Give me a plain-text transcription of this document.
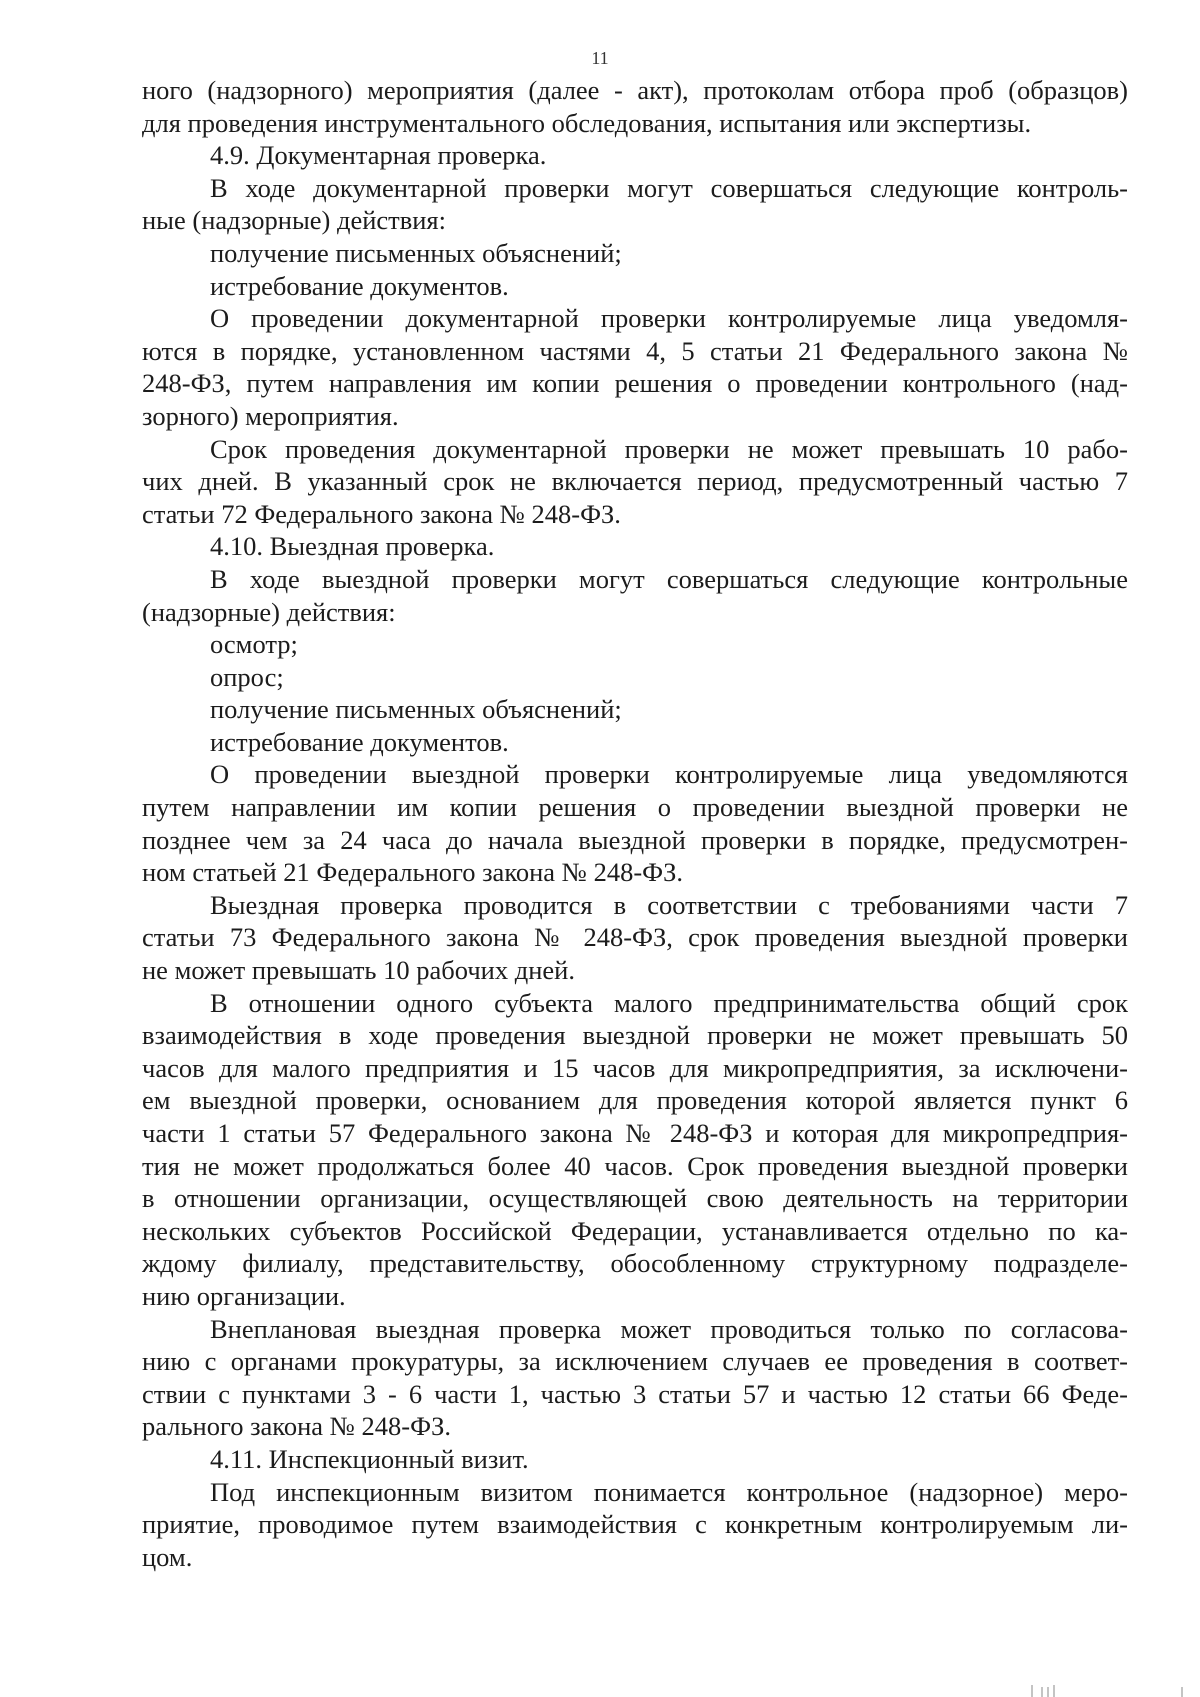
11
ного (надзорного) мероприятия (далее - акт), протоколам отбора проб (образцов)
для проведения инструментального обследования, испытания или экспертизы.
4.9. Документарная проверка.
В ходе документарной проверки могут совершаться следующие контроль-
ные (надзорные) действия:
получение письменных объяснений;
истребование документов.
О проведении документарной проверки контролируемые лица уведомля-
ются в порядке, установленном частями 4, 5 статьи 21 Федерального закона №
248-ФЗ, путем направления им копии решения о проведении контрольного (над-
зорного) мероприятия.
Срок проведения документарной проверки не может превышать 10 рабо-
чих дней. В указанный срок не включается период, предусмотренный частью 7
статьи 72 Федерального закона № 248-ФЗ.
4.10. Выездная проверка.
В ходе выездной проверки могут совершаться следующие контрольные
(надзорные) действия:
осмотр;
опрос;
получение письменных объяснений;
истребование документов.
О проведении выездной проверки контролируемые лица уведомляются
путем направлении им копии решения о проведении выездной проверки не
позднее чем за 24 часа до начала выездной проверки в порядке, предусмотрен-
ном статьей 21 Федерального закона № 248-ФЗ.
Выездная проверка проводится в соответствии с требованиями части 7
статьи 73 Федерального закона № 248-ФЗ, срок проведения выездной проверки
не может превышать 10 рабочих дней.
В отношении одного субъекта малого предпринимательства общий срок
взаимодействия в ходе проведения выездной проверки не может превышать 50
часов для малого предприятия и 15 часов для микропредприятия, за исключени-
ем выездной проверки, основанием для проведения которой является пункт 6
части 1 статьи 57 Федерального закона № 248-ФЗ и которая для микропредприя-
тия не может продолжаться более 40 часов. Срок проведения выездной проверки
в отношении организации, осуществляющей свою деятельность на территории
нескольких субъектов Российской Федерации, устанавливается отдельно по ка-
ждому филиалу, представительству, обособленному структурному подразделе-
нию организации.
Внеплановая выездная проверка может проводиться только по согласова-
нию с органами прокуратуры, за исключением случаев ее проведения в соответ-
ствии с пунктами 3 - 6 части 1, частью 3 статьи 57 и частью 12 статьи 66 Феде-
рального закона № 248-ФЗ.
4.11. Инспекционный визит.
Под инспекционным визитом понимается контрольное (надзорное) меро-
приятие, проводимое путем взаимодействия с конкретным контролируемым ли-
цом.
